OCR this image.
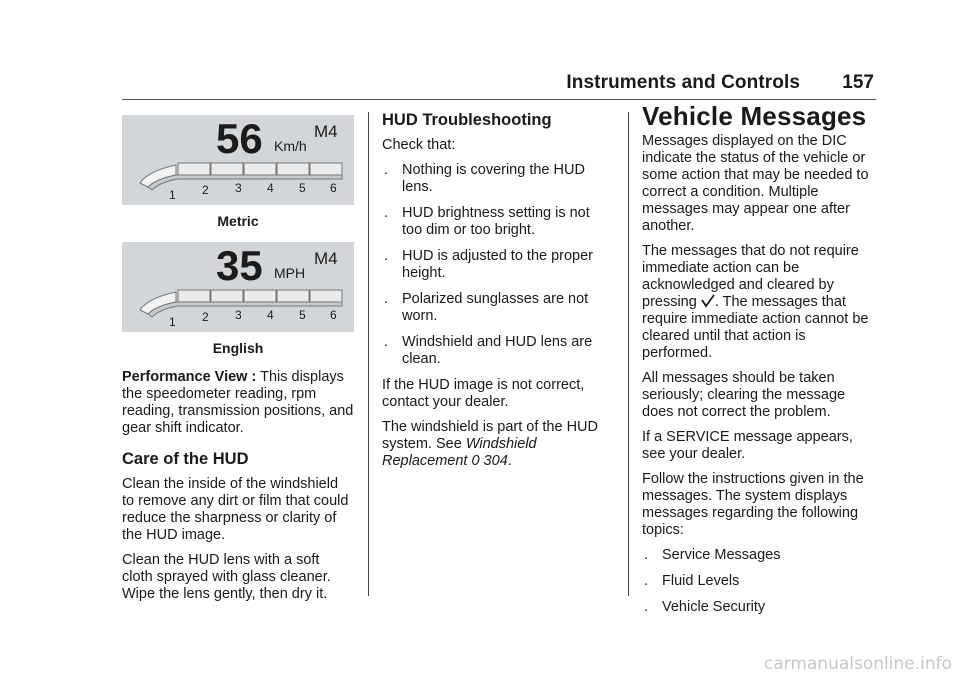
Instruments and Controls 157
56 Km/h
M4
1 2 3 4 5 6
Metric
35 MPH
M4
1 2 3 4 5 6
English

Performance View : This displays the speedometer reading, rpm reading, transmission positions, and gear shift indicator.

Care of the HUD

Clean the inside of the windshield to remove any dirt or film that could reduce the sharpness or clarity of the HUD image.

Clean the HUD lens with a soft cloth sprayed with glass cleaner. Wipe the lens gently, then dry it.

HUD Troubleshooting

Check that:

. Nothing is covering the HUD lens.
. HUD brightness setting is not too dim or too bright.
. HUD is adjusted to the proper height.
. Polarized sunglasses are not worn.
. Windshield and HUD lens are clean.

If the HUD image is not correct, contact your dealer.

The windshield is part of the HUD system. See Windshield Replacement 0 304.

Vehicle Messages

Messages displayed on the DIC indicate the status of the vehicle or some action that may be needed to correct a condition. Multiple messages may appear one after another.

The messages that do not require immediate action can be acknowledged and cleared by pressing . The messages that require immediate action cannot be cleared until that action is performed.

All messages should be taken seriously; clearing the message does not correct the problem.

If a SERVICE message appears, see your dealer.

Follow the instructions given in the messages. The system displays messages regarding the following topics:

. Service Messages
. Fluid Levels
. Vehicle Security
carmanualsonline.info
